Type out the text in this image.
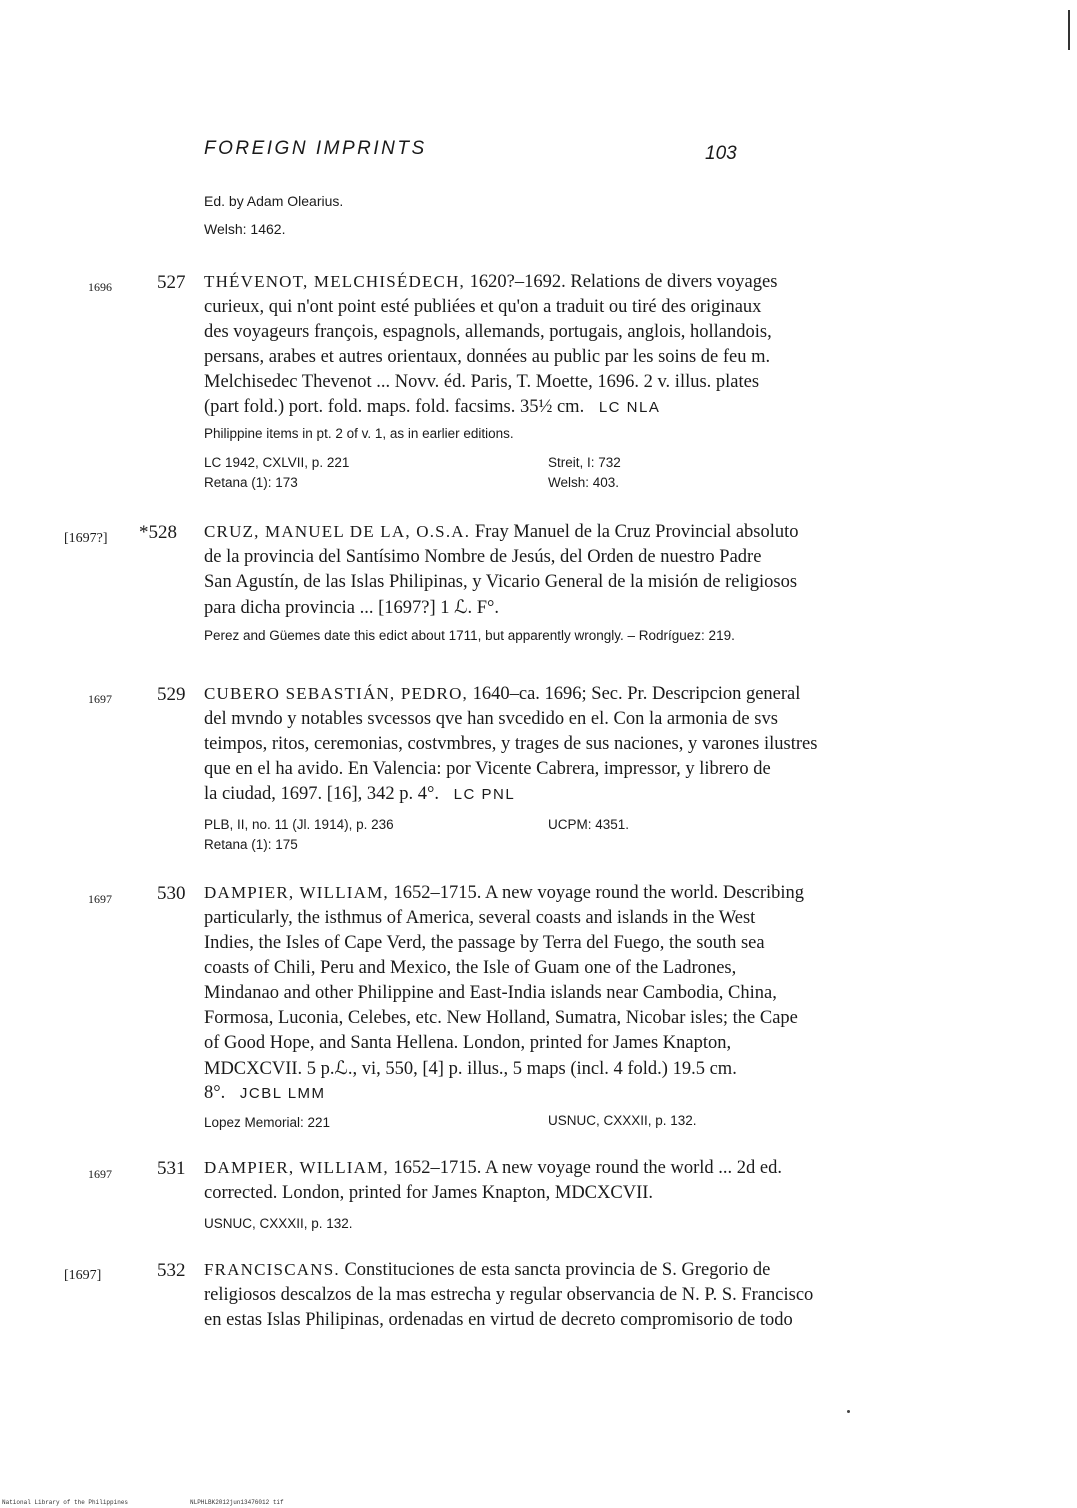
FOREIGN IMPRINTS	103
Ed. by Adam Olearius.
Welsh: 1462.
1696 527 THÉVENOT, MELCHISÉDECH, 1620?–1692. Relations de divers voyages
curieux, qui n'ont point esté publiées et qu'on a traduit ou tiré des originaux
des voyageurs françois, espagnols, allemands, portugais, anglois, hollandois,
persans, arabes et autres orientaux, données au public par les soins de feu m.
Melchisedec Thevenot ... Novv. éd. Paris, T. Moette, 1696. 2 v. illus. plates
(part fold.) port. fold. maps. fold. facsims. 35½ cm. LC NLA
Philippine items in pt. 2 of v. 1, as in earlier editions.
LC 1942, CXLVII, p. 221	Streit, I: 732
Retana (1): 173	Welsh: 403.
[1697?] *528 CRUZ, MANUEL DE LA, O.S.A. Fray Manuel de la Cruz Provincial absoluto
de la provincia del Santísimo Nombre de Jesús, del Orden de nuestro Padre
San Agustín, de las Islas Philipinas, y Vicario General de la misión de religiosos
para dicha provincia ... [1697?] 1 ℒ. F°.
Perez and Güemes date this edict about 1711, but apparently wrongly. – Rodríguez: 219.
1697 529 CUBERO SEBASTIÁN, PEDRO, 1640–ca. 1696; Sec. Pr. Descripcion general
del mvndo y notables svcessos qve han svcedido en el. Con la armonia de svs
teimpos, ritos, ceremonias, costvmbres, y trages de sus naciones, y varones ilustres
que en el ha avido. En Valencia: por Vicente Cabrera, impressor, y librero de
la ciudad, 1697. [16], 342 p. 4°. LC PNL
PLB, II, no. 11 (Jl. 1914), p. 236	UCPM: 4351.
Retana (1): 175
1697 530 DAMPIER, WILLIAM, 1652–1715. A new voyage round the world. Describing
particularly, the isthmus of America, several coasts and islands in the West
Indies, the Isles of Cape Verd, the passage by Terra del Fuego, the south sea
coasts of Chili, Peru and Mexico, the Isle of Guam one of the Ladrones,
Mindanao and other Philippine and East-India islands near Cambodia, China,
Formosa, Luconia, Celebes, etc. New Holland, Sumatra, Nicobar isles; the Cape
of Good Hope, and Santa Hellena. London, printed for James Knapton,
MDCXCVII. 5 p.ℒ., vi, 550, [4] p. illus., 5 maps (incl. 4 fold.) 19.5 cm.
8°. JCBL LMM
Lopez Memorial: 221	USNUC, CXXXII, p. 132.
1697 531 DAMPIER, WILLIAM, 1652–1715. A new voyage round the world ... 2d ed.
corrected. London, printed for James Knapton, MDCXCVII.
USNUC, CXXXII, p. 132.
[1697]	532 FRANCISCANS. Constituciones de esta sancta provincia de S. Gregorio de
religiosos descalzos de la mas estrecha y regular observancia de N. P. S. Francisco
en estas Islas Philipinas, ordenadas en virtud de decreto compromisorio de todo
National Library of the Philippines	NLPHLBK2012jun13476012 tif
